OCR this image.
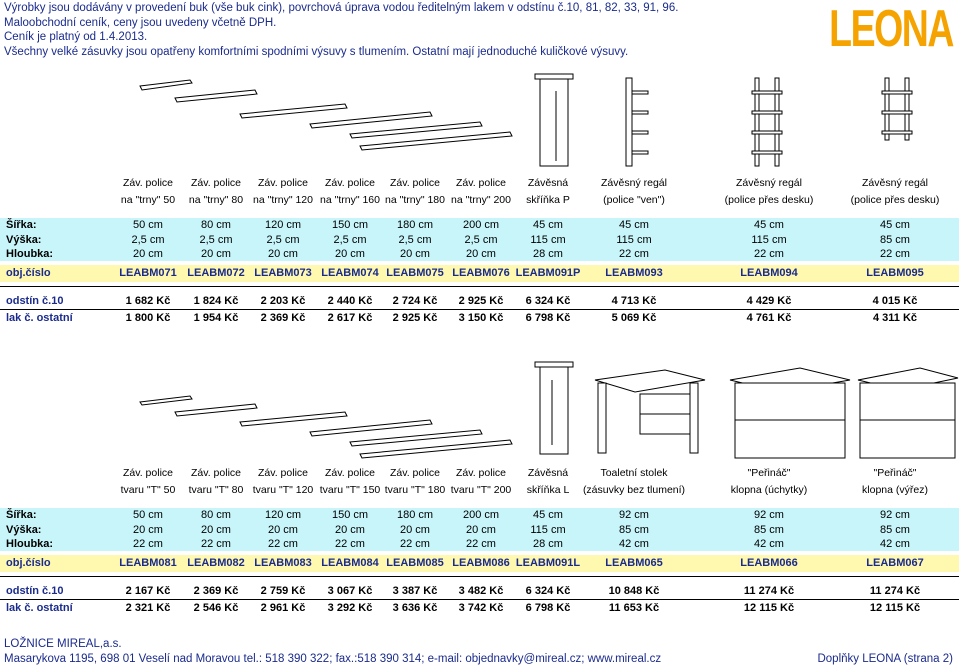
Výrobky jsou dodávány v provedení buk (vše buk cink), povrchová úprava vodou ředitelným lakem v odstínu č.10, 81, 82, 33, 91, 96.
Maloobchodní ceník, ceny jsou uvedeny včetně DPH.
Ceník je platný od 1.4.2013.
Všechny velké zásuvky jsou opatřeny komfortními spodními výsuvy s tlumením. Ostatní mají jednoduché kuličkové výsuvy.	LEONA
Záv. police
na "trny" 50
Záv. police
na "trny" 80
Záv. police
na "trny" 120
Záv. police
na "trny" 160
Záv. police
na "trny" 180
Záv. police
na "trny" 200
Závěsná
skříňka P
Závěsný regál
(police "ven")
Závěsný regál
(police přes desku)
Závěsný regál
(police přes desku)
Šířka:	50 cm	80 cm	120 cm	150 cm	180 cm	200 cm	45 cm	45 cm	45 cm	45 cm
Výška:	2,5 cm	2,5 cm	2,5 cm	2,5 cm	2,5 cm	2,5 cm	115 cm	115 cm	115 cm	85 cm
Hloubka:	20 cm	20 cm	20 cm	20 cm	20 cm	20 cm	28 cm	22 cm	22 cm	22 cm
obj.číslo	LEABM071 LEABM072 LEABM073 LEABM074 LEABM075 LEABM076 LEABM091P	LEABM093	LEABM094	LEABM095
odstín č.10	1 682 Kč	1 824 Kč	2 203 Kč	2 440 Kč	2 724 Kč	2 925 Kč	6 324 Kč	4 713 Kč	4 429 Kč	4 015 Kč
lak č. ostatní	1 800 Kč	1 954 Kč	2 369 Kč	2 617 Kč	2 925 Kč	3 150 Kč	6 798 Kč	5 069 Kč	4 761 Kč	4 311 Kč
Záv. police
tvaru "T" 50
Záv. police
tvaru "T" 80
Záv. police
tvaru "T" 120
Záv. police
tvaru "T" 150
Záv. police
tvaru "T" 180
Záv. police
tvaru "T" 200
Závěsná
skříňka L
Toaletní stolek
(zásuvky bez tlumení)
"Peřináč"
klopna (úchytky)
"Peřináč"
klopna (výřez)
Šířka:	50 cm	80 cm	120 cm	150 cm	180 cm	200 cm	45 cm	92 cm	92 cm	92 cm
Výška:	20 cm	20 cm	20 cm	20 cm	20 cm	20 cm	115 cm	85 cm	85 cm	85 cm
Hloubka:	22 cm	22 cm	22 cm	22 cm	22 cm	22 cm	28 cm	42 cm	42 cm	42 cm
obj.číslo	LEABM081 LEABM082 LEABM083 LEABM084 LEABM085 LEABM086 LEABM091L	LEABM065	LEABM066	LEABM067
odstín č.10	2 167 Kč	2 369 Kč	2 759 Kč	3 067 Kč	3 387 Kč	3 482 Kč	6 324 Kč	10 848 Kč	11 274 Kč	11 274 Kč
lak č. ostatní	2 321 Kč	2 546 Kč	2 961 Kč	3 292 Kč	3 636 Kč	3 742 Kč	6 798 Kč	11 653 Kč	12 115 Kč	12 115 Kč
LOŽNICE MIREAL,a.s.
Masarykova 1195, 698 01 Veselí nad Moravou tel.: 518 390 322; fax.:518 390 314; e-mail: objednavky@mireal.cz; www.mireal.cz	Doplňky LEONA (strana 2)
